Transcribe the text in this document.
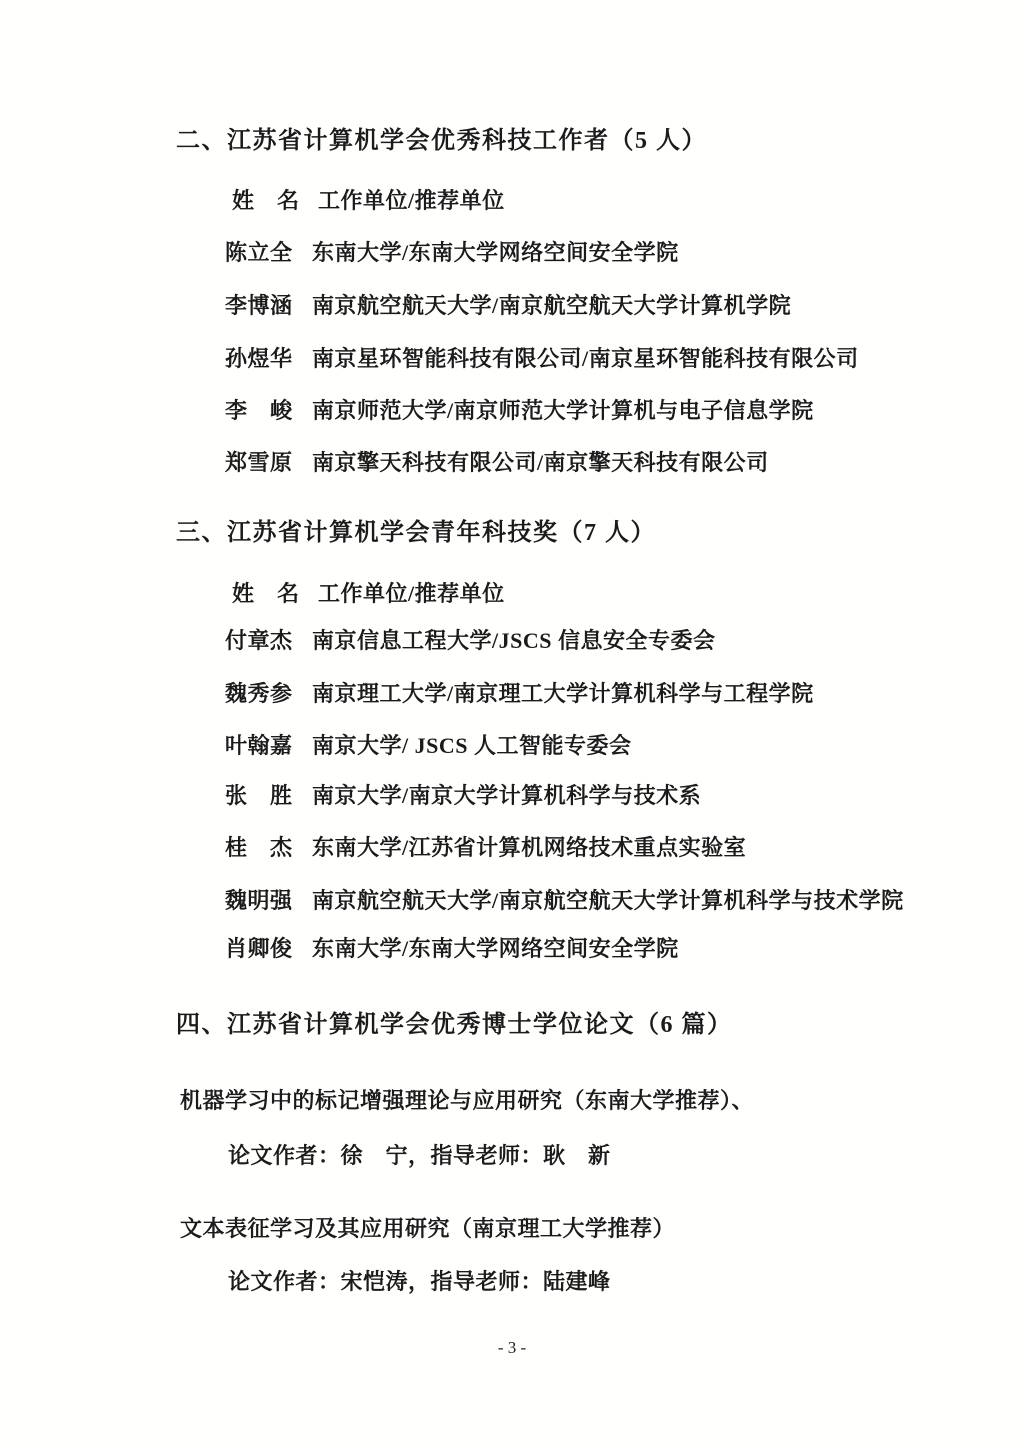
二、江苏省计算机学会优秀科技工作者（5 人）
姓　名 工作单位/推荐单位
陈立全 东南大学/东南大学网络空间安全学院
李博涵 南京航空航天大学/南京航空航天大学计算机学院
孙煜华 南京星环智能科技有限公司/南京星环智能科技有限公司
李　峻 南京师范大学/南京师范大学计算机与电子信息学院
郑雪原 南京擎天科技有限公司/南京擎天科技有限公司
三、江苏省计算机学会青年科技奖（7 人）
姓　名 工作单位/推荐单位
付章杰 南京信息工程大学/JSCS 信息安全专委会
魏秀参 南京理工大学/南京理工大学计算机科学与工程学院
叶翰嘉 南京大学/ JSCS 人工智能专委会
张　胜 南京大学/南京大学计算机科学与技术系
桂　杰 东南大学/江苏省计算机网络技术重点实验室
魏明强 南京航空航天大学/南京航空航天大学计算机科学与技术学院
肖卿俊 东南大学/东南大学网络空间安全学院
四、江苏省计算机学会优秀博士学位论文（6 篇）
机器学习中的标记增强理论与应用研究（东南大学推荐）、
论文作者：徐　宁，指导老师：耿　新
文本表征学习及其应用研究（南京理工大学推荐）
论文作者：宋恺涛，指导老师：陆建峰
- 3 -
